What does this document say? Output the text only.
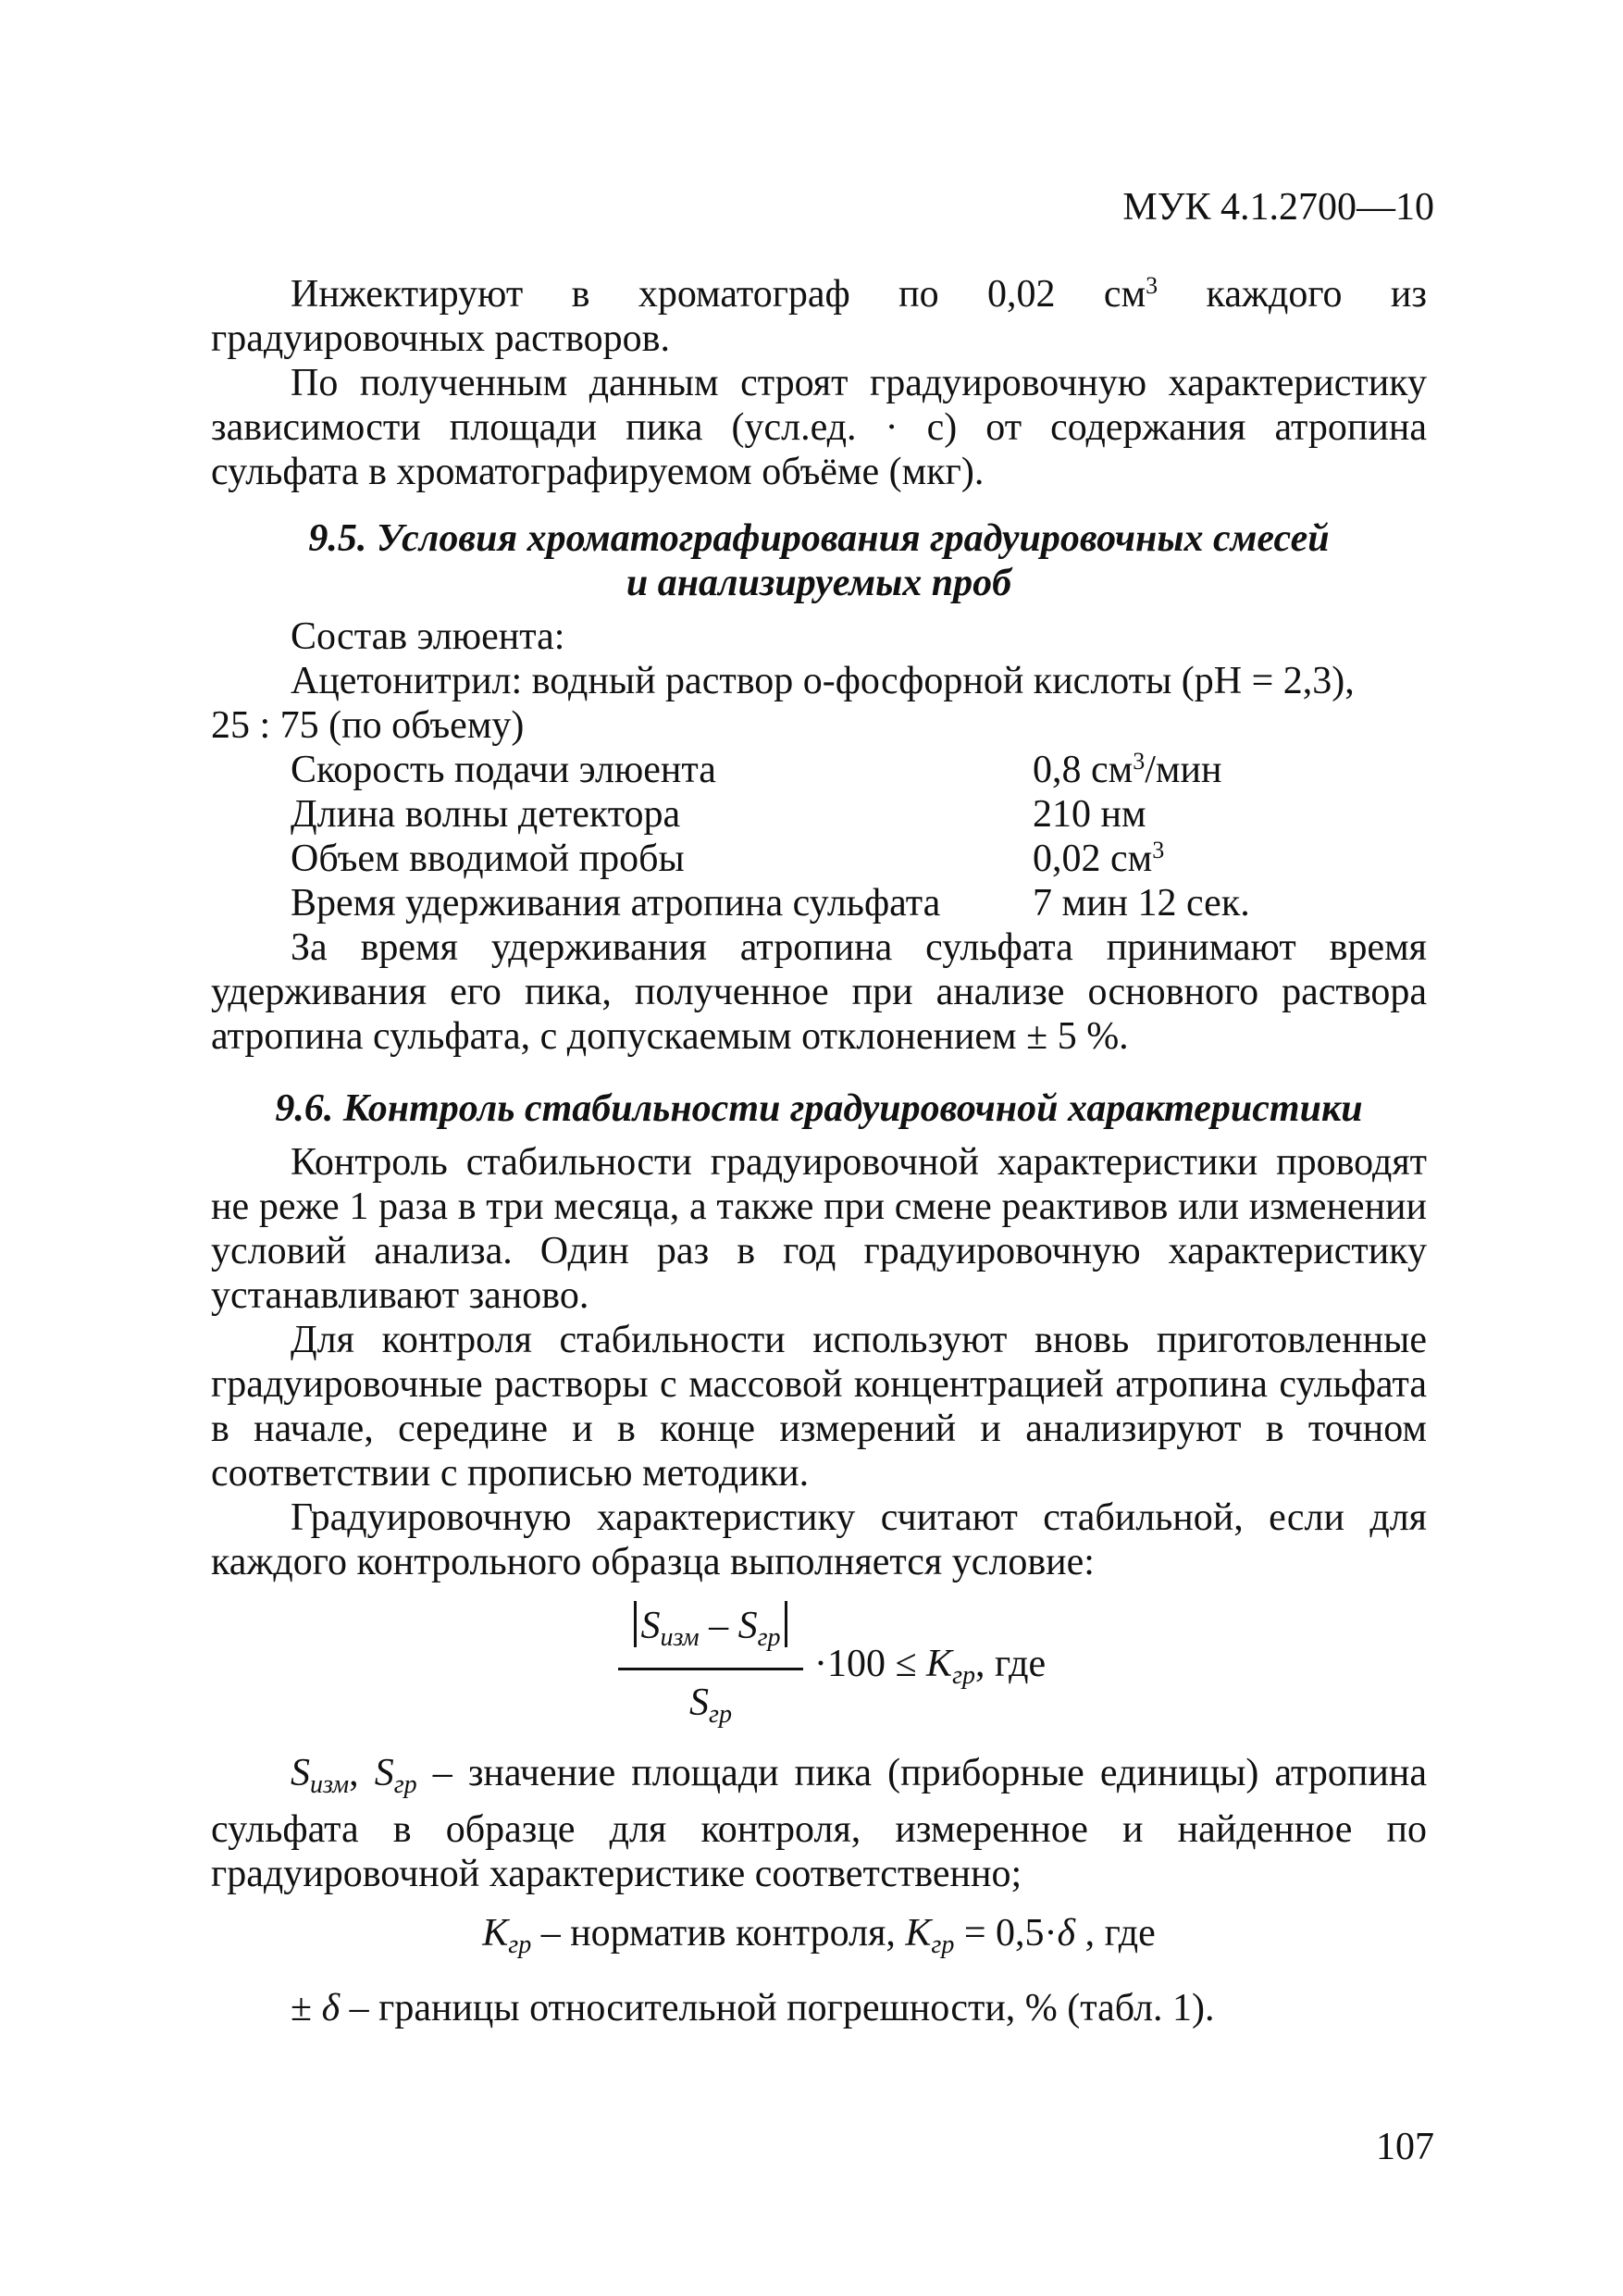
МУК 4.1.2700—10

Инжектируют в хроматограф по 0,02 $см^3$ каждого из градуировочных растворов.

По полученным данным строят градуировочную характеристику зависимости площади пика (усл.ед. · с) от содержания атропина сульфата в хроматографируемом объёме (мкг).

9.5. Условия хроматографирования градуировочных смесей
и анализируемых проб

Состав элюента:

Ацетонитрил: водный раствор о-фосфорной кислоты (рН = 2,3),
25 : 75 (по объему)

Скорость подачи элюента	0,8 $см^3$/мин
Длина волны детектора	210 нм
Объем вводимой пробы	0,02 $см^3$
Время удерживания атропина сульфата 7 мин 12 сек.

За время удерживания атропина сульфата принимают время удерживания его пика, полученное при анализе основного раствора атропина сульфата, с допускаемым отклонением ± 5 %.

9.6. Контроль стабильности градуировочной характеристики

Контроль стабильности градуировочной характеристики проводят не реже 1 раза в три месяца, а также при смене реактивов или изменении условий анализа. Один раз в год градуировочную характеристику устанавливают заново.

Для контроля стабильности используют вновь приготовленные градуировочные растворы с массовой концентрацией атропина сульфата в начале, середине и в конце измерений и анализируют в точном соответствии с прописью методики.

Градуировочную характеристику считают стабильной, если для каждого контрольного образца выполняется условие:

$S_{изм} - S_{гр}$
$S_{гр}$
$\cdot 100 \le K_{гр}$, где

$S_{изм}$, $S_{гр}$ – значение площади пика (приборные единицы) атропина сульфата в образце для контроля, измеренное и найденное по градуировочной характеристике соответственно;

$K_{гр}$ – норматив контроля, $K_{гр} = 0,5\cdot\delta$ , где

± δ – границы относительной погрешности, % (табл. 1).

107
